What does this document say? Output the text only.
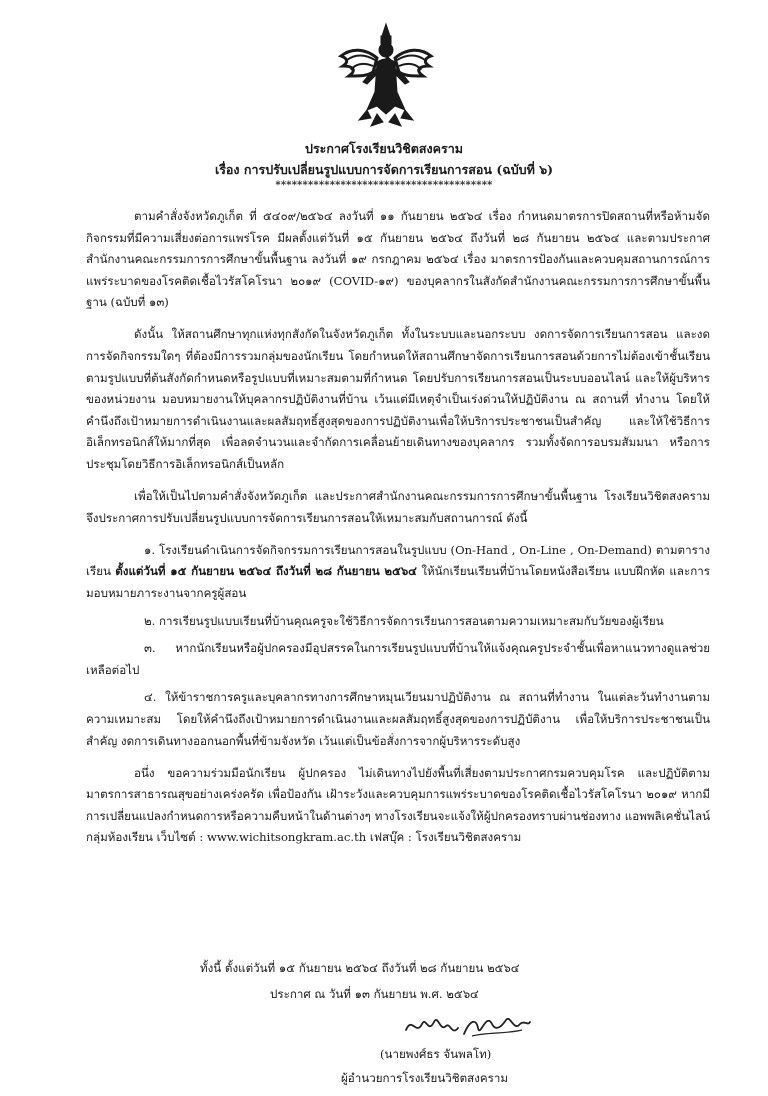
ประกาศโรงเรียนวิชิตสงคราม
เรื่อง การปรับเปลี่ยนรูปแบบการจัดการเรียนการสอน (ฉบับที่ ๖)
****************************************

ตามคำสั่งจังหวัดภูเก็ต ที่ ๕๔๐๙/๒๕๖๔ ลงวันที่ ๑๑ กันยายน ๒๕๖๔ เรื่อง กำหนดมาตรการปิดสถานที่หรือห้ามจัดกิจกรรมที่มีความเสี่ยงต่อการแพร่โรค มีผลตั้งแต่วันที่ ๑๕ กันยายน ๒๕๖๔ ถึงวันที่ ๒๘ กันยายน ๒๕๖๔ และตามประกาศสำนักงานคณะกรรมการการศึกษาขั้นพื้นฐาน ลงวันที่ ๑๙ กรกฎาคม ๒๕๖๔ เรื่อง มาตรการป้องกันและควบคุมสถานการณ์การแพร่ระบาดของโรคติดเชื้อไวรัสโคโรนา ๒๐๑๙ (COVID-๑๙) ของบุคลากรในสังกัดสำนักงานคณะกรรมการการศึกษาขั้นพื้นฐาน (ฉบับที่ ๑๓)

ดังนั้น ให้สถานศึกษาทุกแห่งทุกสังกัดในจังหวัดภูเก็ต ทั้งในระบบและนอกระบบ งดการจัดการเรียนการสอน และงดการจัดกิจกรรมใดๆ ที่ต้องมีการรวมกลุ่มของนักเรียน โดยกำหนดให้สถานศึกษาจัดการเรียนการสอนด้วยการไม่ต้องเข้าชั้นเรียนตามรูปแบบที่ต้นสังกัดกำหนดหรือรูปแบบที่เหมาะสมตามที่กำหนด โดยปรับการเรียนการสอนเป็นระบบออนไลน์ และให้ผู้บริหารของหน่วยงาน มอบหมายงานให้บุคลากรปฏิบัติงานที่บ้าน เว้นแต่มีเหตุจำเป็นเร่งด่วนให้ปฏิบัติงาน ณ สถานที่ ทำงาน โดยให้คำนึงถึงเป้าหมายการดำเนินงานและผลสัมฤทธิ์สูงสุดของการปฏิบัติงานเพื่อให้บริการประชาชนเป็นสำคัญ และให้ใช้วิธีการอิเล็กทรอนิกส์ให้มากที่สุด เพื่อลดจำนวนและจำกัดการเคลื่อนย้ายเดินทางของบุคลากร รวมทั้งจัดการอบรมสัมมนา หรือการประชุมโดยวิธีการอิเล็กทรอนิกส์เป็นหลัก

เพื่อให้เป็นไปตามคำสั่งจังหวัดภูเก็ต และประกาศสำนักงานคณะกรรมการการศึกษาขั้นพื้นฐาน โรงเรียนวิชิตสงคราม จึงประกาศการปรับเปลี่ยนรูปแบบการจัดการเรียนการสอนให้เหมาะสมกับสถานการณ์ ดังนี้

๑. โรงเรียนดำเนินการจัดกิจกรรมการเรียนการสอนในรูปแบบ (On-Hand , On-Line , On-Demand) ตามตารางเรียน ตั้งแต่วันที่ ๑๕ กันยายน ๒๕๖๔ ถึงวันที่ ๒๘ กันยายน ๒๕๖๔ ให้นักเรียนเรียนที่บ้านโดยหนังสือเรียน แบบฝึกหัด และการมอบหมายภาระงานจากครูผู้สอน

๒. การเรียนรูปแบบเรียนที่บ้านคุณครูจะใช้วิธีการจัดการเรียนการสอนตามความเหมาะสมกับวัยของผู้เรียน

๓. หากนักเรียนหรือผู้ปกครองมีอุปสรรคในการเรียนรูปแบบที่บ้านให้แจ้งคุณครูประจำชั้นเพื่อหาแนวทางดูแลช่วยเหลือต่อไป

๔. ให้ข้าราชการครูและบุคลากรทางการศึกษาหมุนเวียนมาปฏิบัติงาน ณ สถานที่ทำงาน ในแต่ละวันทำงานตามความเหมาะสม โดยให้คำนึงถึงเป้าหมายการดำเนินงานและผลสัมฤทธิ์สูงสุดของการปฏิบัติงาน เพื่อให้บริการประชาชนเป็นสำคัญ งดการเดินทางออกนอกพื้นที่ข้ามจังหวัด เว้นแต่เป็นข้อสั่งการจากผู้บริหารระดับสูง

อนึ่ง ขอความร่วมมือนักเรียน ผู้ปกครอง ไม่เดินทางไปยังพื้นที่เสี่ยงตามประกาศกรมควบคุมโรค และปฏิบัติตามมาตรการสาธารณสุขอย่างเคร่งครัด เพื่อป้องกัน เฝ้าระวังและควบคุมการแพร่ระบาดของโรคติดเชื้อไวรัสโคโรนา ๒๐๑๙ หากมีการเปลี่ยนแปลงกำหนดการหรือความคืบหน้าในด้านต่างๆ ทางโรงเรียนจะแจ้งให้ผู้ปกครองทราบผ่านช่องทาง แอพพลิเคชั่นไลน์ กลุ่มห้องเรียน เว็บไซต์ : www.wichitsongkram.ac.th เฟสบุ๊ค : โรงเรียนวิชิตสงคราม

ทั้งนี้ ตั้งแต่วันที่ ๑๕ กันยายน ๒๕๖๔ ถึงวันที่ ๒๘ กันยายน ๒๕๖๔
ประกาศ ณ วันที่ ๑๓ กันยายน พ.ศ. ๒๕๖๔
(นายพงศ์ธร จันพลโท)
ผู้อำนวยการโรงเรียนวิชิตสงคราม
